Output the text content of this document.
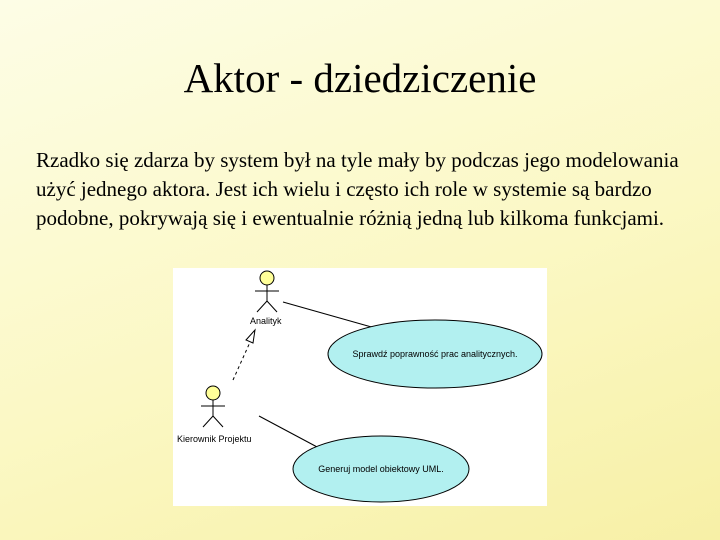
Aktor - dziedziczenie

Rzadko się zdarza by system był na tyle mały by podczas jego modelowania użyć jednego aktora. Jest ich wielu i często ich role w systemie są bardzo podobne, pokrywają się i ewentualnie różnią jedną lub kilkoma funkcjami.

Analityk
Kierownik Projektu
Sprawdź poprawność prac analitycznych.
Generuj model obiektowy UML.
